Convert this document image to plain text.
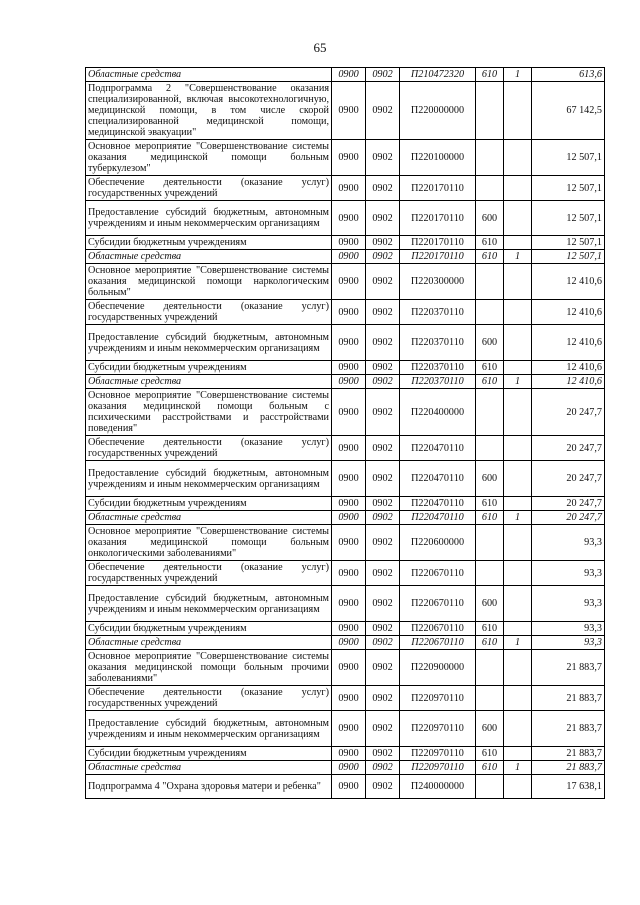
65
Областные средства	0900	0902	П210472320	610	1	613,6
Подпрограмма 2 "Совершенствование оказания специализированной, включая высокотехнологичную, медицинской помощи, в том числе скорой специализированной медицинской помощи, медицинской эвакуации"	0900	0902	П220000000			67 142,5
Основное мероприятие "Совершенствование системы оказания медицинской помощи больным туберкулезом"	0900	0902	П220100000			12 507,1
Обеспечение деятельности (оказание услуг) государственных учреждений	0900	0902	П220170110			12 507,1
Предоставление субсидий бюджетным, автономным учреждениям и иным некоммерческим организациям	0900	0902	П220170110	600		12 507,1
Субсидии бюджетным учреждениям	0900	0902	П220170110	610		12 507,1
Областные средства	0900	0902	П220170110	610	1	12 507,1
Основное мероприятие "Совершенствование системы оказания медицинской помощи наркологическим больным"	0900	0902	П220300000			12 410,6
Обеспечение деятельности (оказание услуг) государственных учреждений	0900	0902	П220370110			12 410,6
Предоставление субсидий бюджетным, автономным учреждениям и иным некоммерческим организациям	0900	0902	П220370110	600		12 410,6
Субсидии бюджетным учреждениям	0900	0902	П220370110	610		12 410,6
Областные средства	0900	0902	П220370110	610	1	12 410,6
Основное мероприятие "Совершенствование системы оказания медицинской помощи больным с психическими расстройствами и расстройствами поведения"	0900	0902	П220400000			20 247,7
Обеспечение деятельности (оказание услуг) государственных учреждений	0900	0902	П220470110			20 247,7
Предоставление субсидий бюджетным, автономным учреждениям и иным некоммерческим организациям	0900	0902	П220470110	600		20 247,7
Субсидии бюджетным учреждениям	0900	0902	П220470110	610		20 247,7
Областные средства	0900	0902	П220470110	610	1	20 247,7
Основное мероприятие "Совершенствование системы оказания медицинской помощи больным онкологическими заболеваниями"	0900	0902	П220600000			93,3
Обеспечение деятельности (оказание услуг) государственных учреждений	0900	0902	П220670110			93,3
Предоставление субсидий бюджетным, автономным учреждениям и иным некоммерческим организациям	0900	0902	П220670110	600		93,3
Субсидии бюджетным учреждениям	0900	0902	П220670110	610		93,3
Областные средства	0900	0902	П220670110	610	1	93,3
Основное мероприятие "Совершенствование системы оказания медицинской помощи больным прочими заболеваниями"	0900	0902	П220900000			21 883,7
Обеспечение деятельности (оказание услуг) государственных учреждений	0900	0902	П220970110			21 883,7
Предоставление субсидий бюджетным, автономным учреждениям и иным некоммерческим организациям	0900	0902	П220970110	600		21 883,7
Субсидии бюджетным учреждениям	0900	0902	П220970110	610		21 883,7
Областные средства	0900	0902	П220970110	610	1	21 883,7
Подпрограмма 4 "Охрана здоровья матери и ребенка"	0900	0902	П240000000			17 638,1
